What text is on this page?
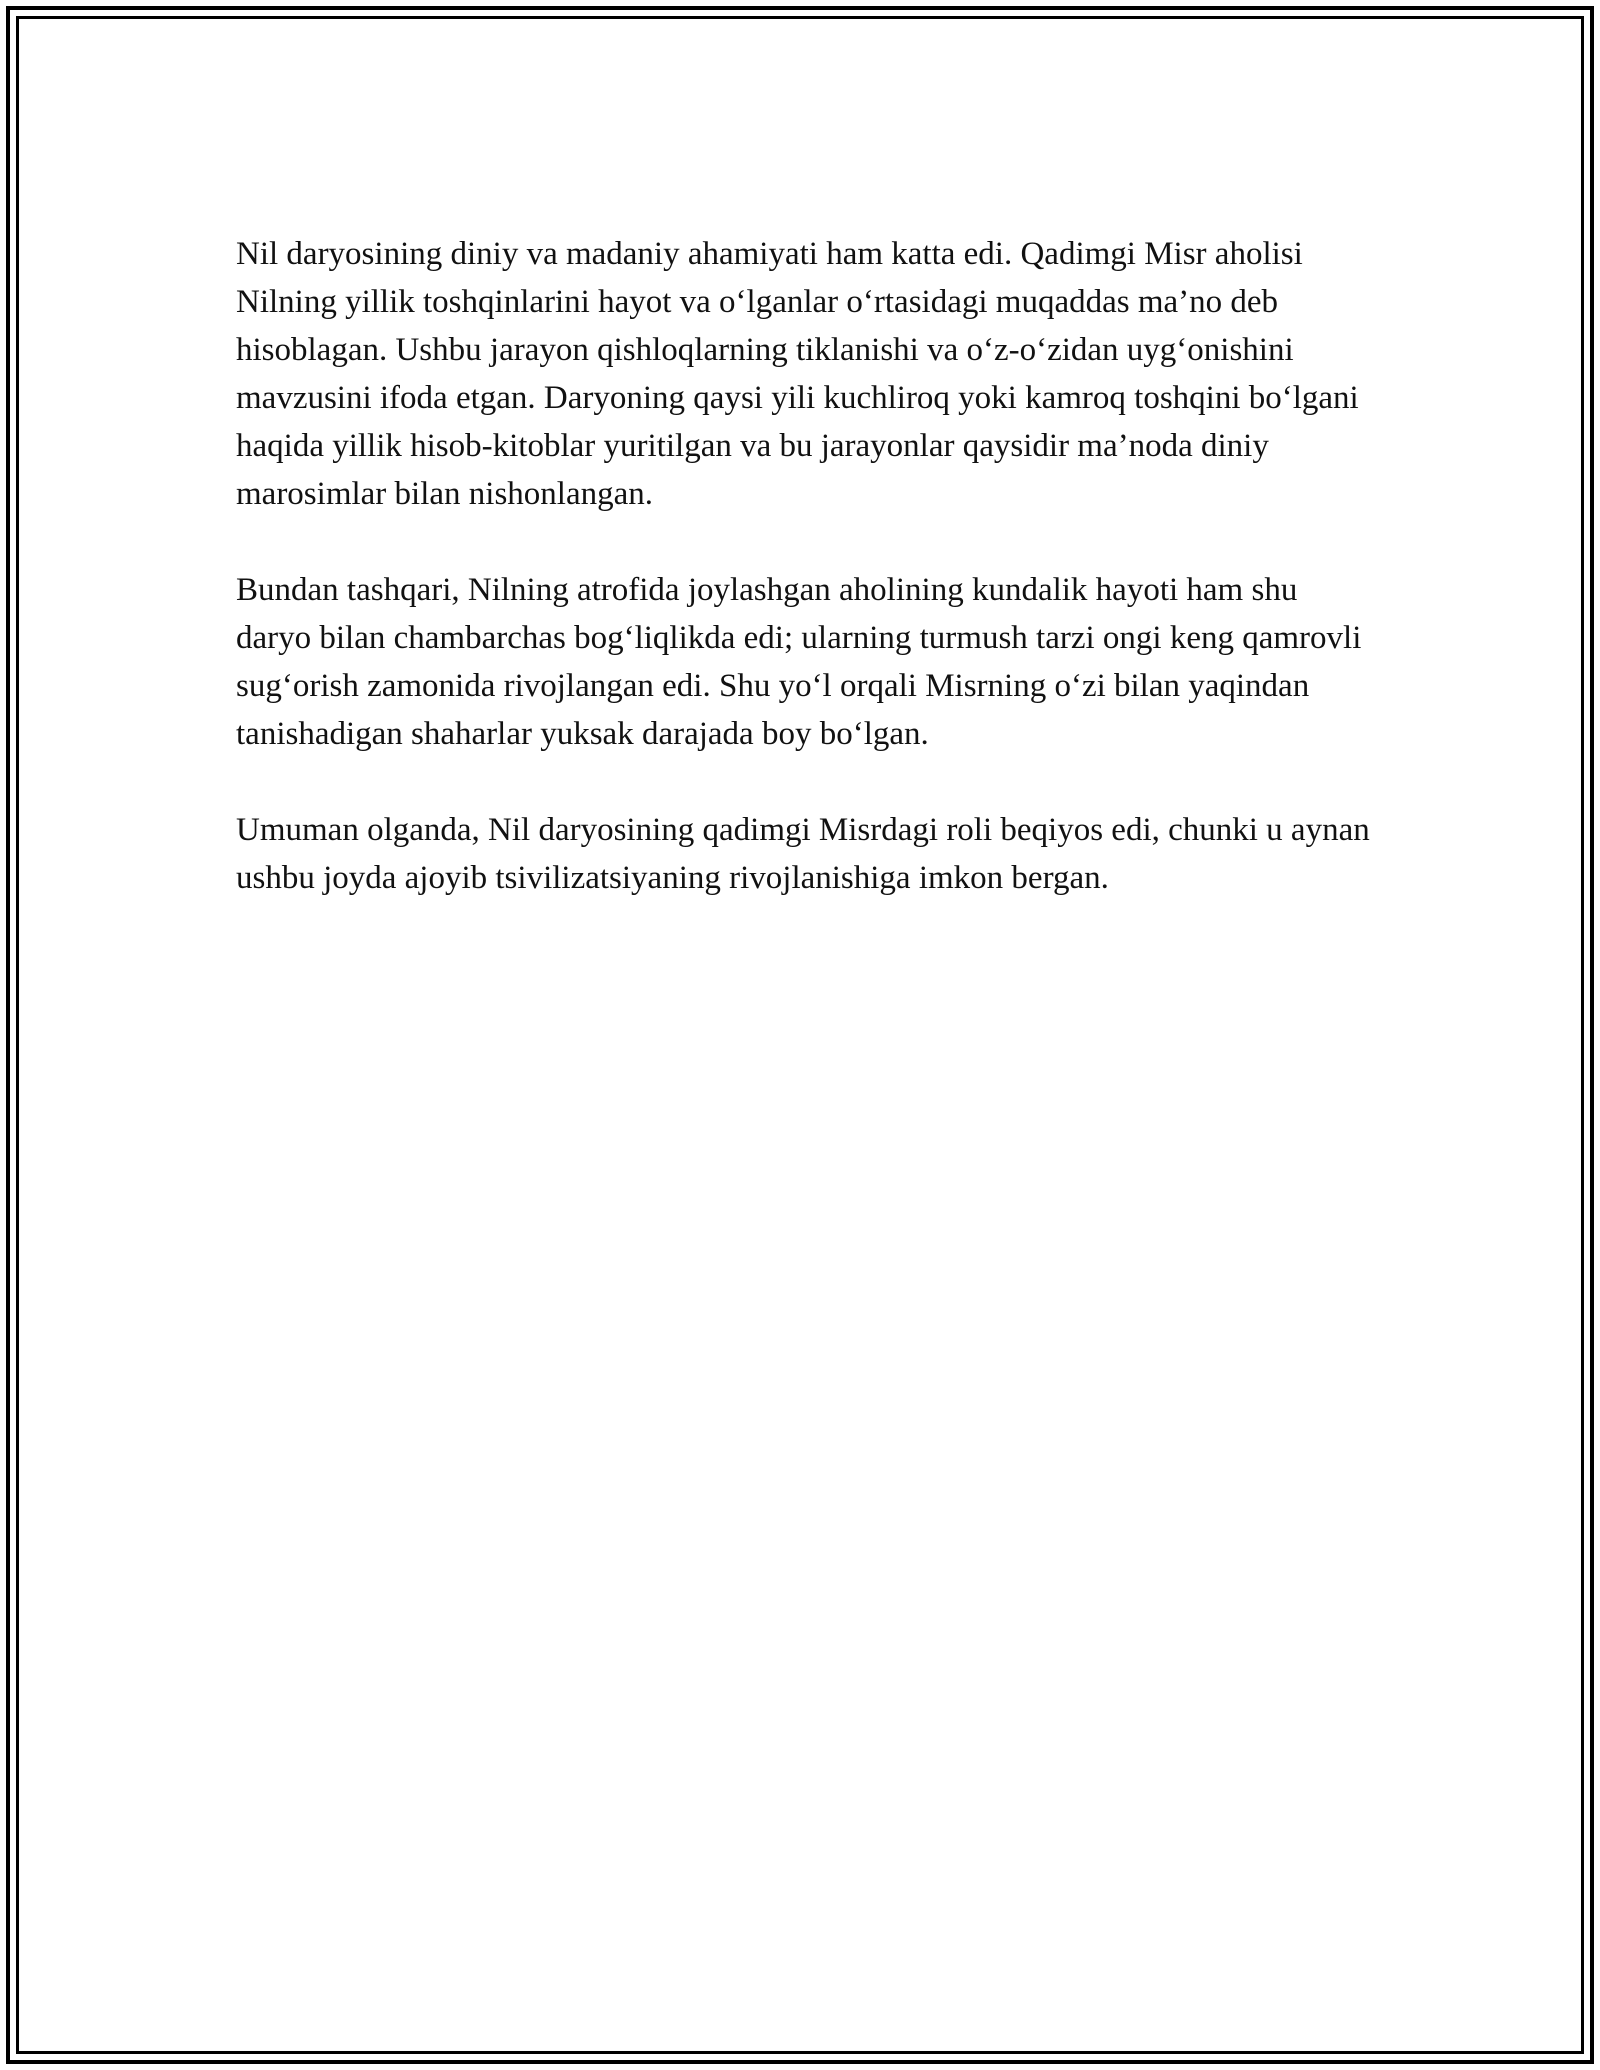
Nil daryosining diniy va madaniy ahamiyati ham katta edi. Qadimgi Misr aholisi Nilning yillik toshqinlarini hayot va o‘lganlar o‘rtasidagi muqaddas ma’no deb hisoblagan. Ushbu jarayon qishloqlarning tiklanishi va o‘z-o‘zidan uyg‘onishini mavzusini ifoda etgan. Daryoning qaysi yili kuchliroq yoki kamroq toshqini bo‘lgani haqida yillik hisob-kitoblar yuritilgan va bu jarayonlar qaysidir ma’noda diniy marosimlar bilan nishonlangan.

Bundan tashqari, Nilning atrofida joylashgan aholining kundalik hayoti ham shu daryo bilan chambarchas bog‘liqlikda edi; ularning turmush tarzi ongi keng qamrovli sug‘orish zamonida rivojlangan edi. Shu yo‘l orqali Misrning o‘zi bilan yaqindan tanishadigan shaharlar yuksak darajada boy bo‘lgan.

Umuman olganda, Nil daryosining qadimgi Misrdagi roli beqiyos edi, chunki u aynan ushbu joyda ajoyib tsivilizatsiyaning rivojlanishiga imkon bergan.
